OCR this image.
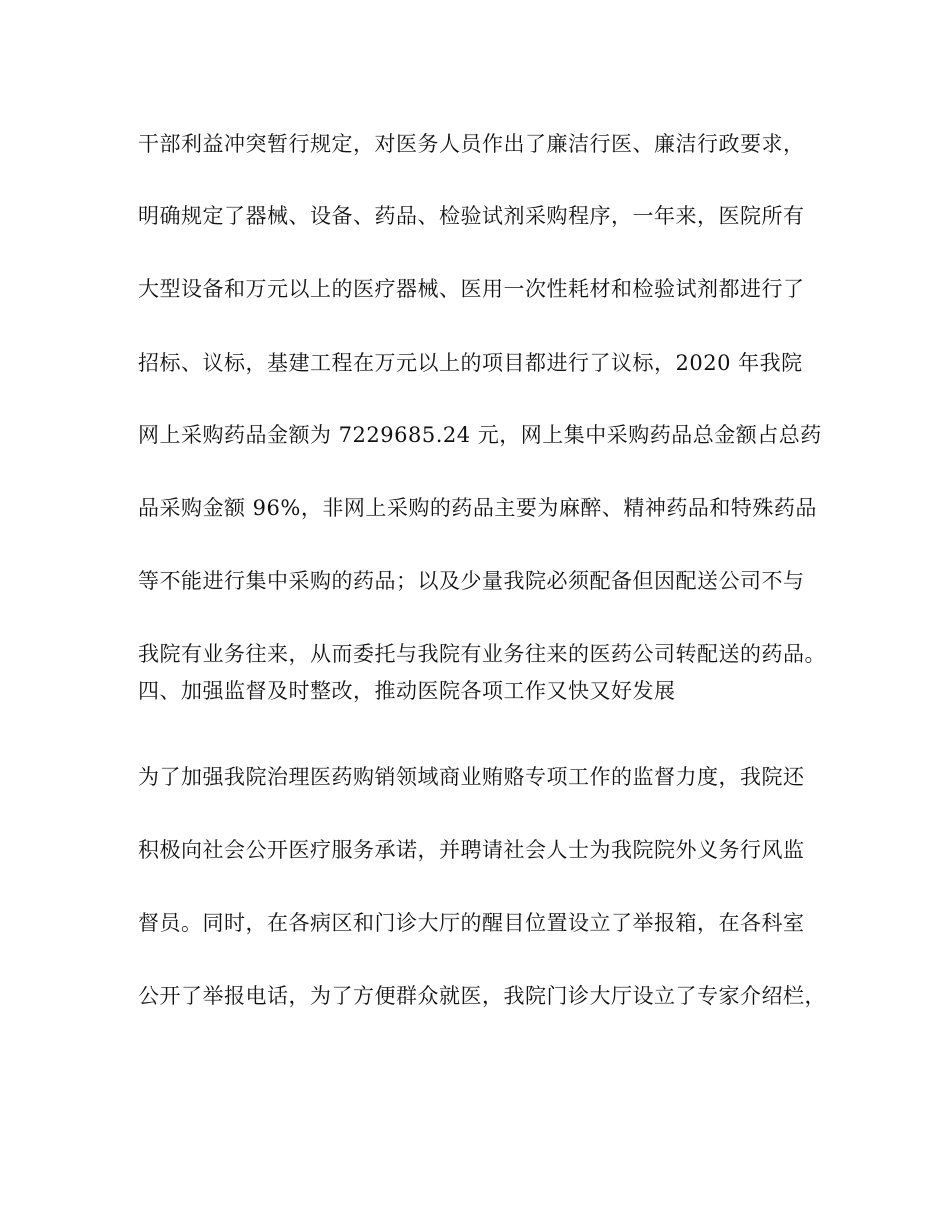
干部利益冲突暂行规定，对医务人员作出了廉洁行医、廉洁行政要求，
明确规定了器械、设备、药品、检验试剂采购程序，一年来，医院所有
大型设备和万元以上的医疗器械、医用一次性耗材和检验试剂都进行了
招标、议标，基建工程在万元以上的项目都进行了议标，2020 年我院
网上采购药品金额为 7229685.24 元，网上集中采购药品总金额占总药
品采购金额 96%，非网上采购的药品主要为麻醉、精神药品和特殊药品
等不能进行集中采购的药品；以及少量我院必须配备但因配送公司不与
我院有业务往来，从而委托与我院有业务往来的医药公司转配送的药品。
四、加强监督及时整改，推动医院各项工作又快又好发展
为了加强我院治理医药购销领域商业贿赂专项工作的监督力度，我院还
积极向社会公开医疗服务承诺，并聘请社会人士为我院院外义务行风监
督员。同时，在各病区和门诊大厅的醒目位置设立了举报箱，在各科室
公开了举报电话，为了方便群众就医，我院门诊大厅设立了专家介绍栏，
